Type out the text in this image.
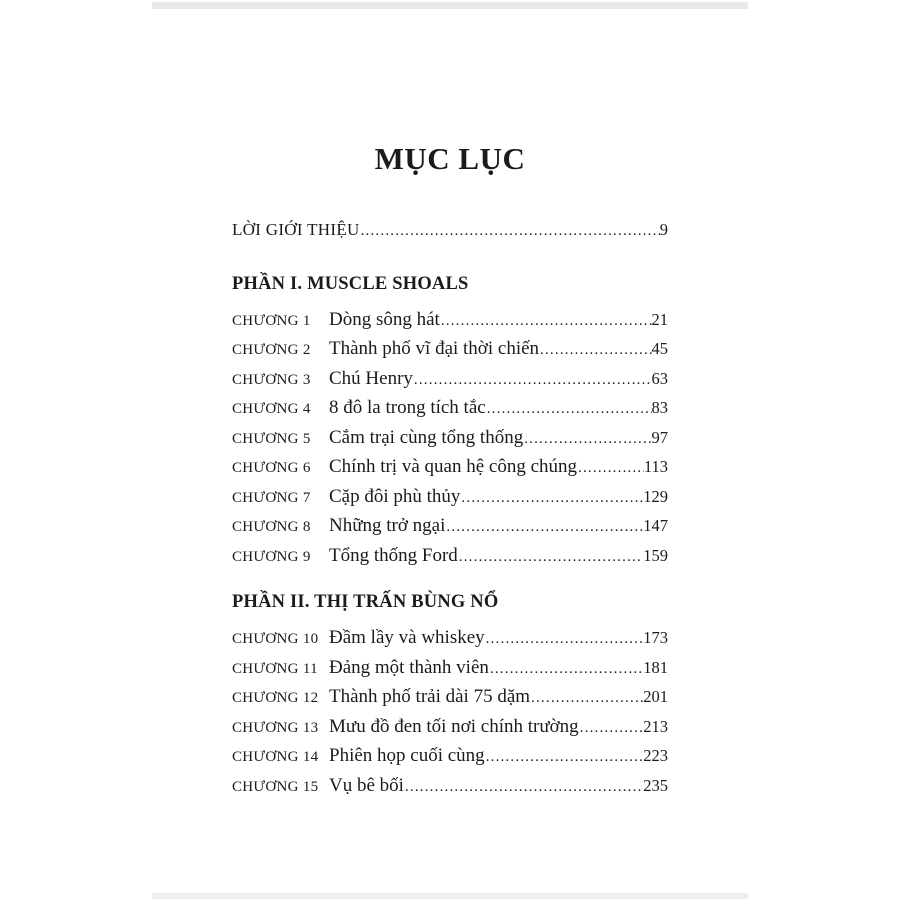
MỤC LỤC
LỜI GIỚI THIỆU .....	9
PHẦN I. MUSCLE SHOALS
CHƯƠNG 1 Dòng sông hát .....	21
CHƯƠNG 2 Thành phố vĩ đại thời chiến .....	45
CHƯƠNG 3 Chú Henry .....	63
CHƯƠNG 4 8 đô la trong tích tắc .....	83
CHƯƠNG 5 Cắm trại cùng tổng thống .....	97
CHƯƠNG 6 Chính trị và quan hệ công chúng .....	113
CHƯƠNG 7 Cặp đôi phù thủy .....	129
CHƯƠNG 8 Những trở ngại .....	147
CHƯƠNG 9 Tổng thống Ford .....	159
PHẦN II. THỊ TRẤN BÙNG NỔ
CHƯƠNG 10 Đầm lầy và whiskey .....	173
CHƯƠNG 11 Đảng một thành viên .....	181
CHƯƠNG 12 Thành phố trải dài 75 dặm .....	201
CHƯƠNG 13 Mưu đồ đen tối nơi chính trường .....	213
CHƯƠNG 14 Phiên họp cuối cùng .....	223
CHƯƠNG 15 Vụ bê bối .....	235
